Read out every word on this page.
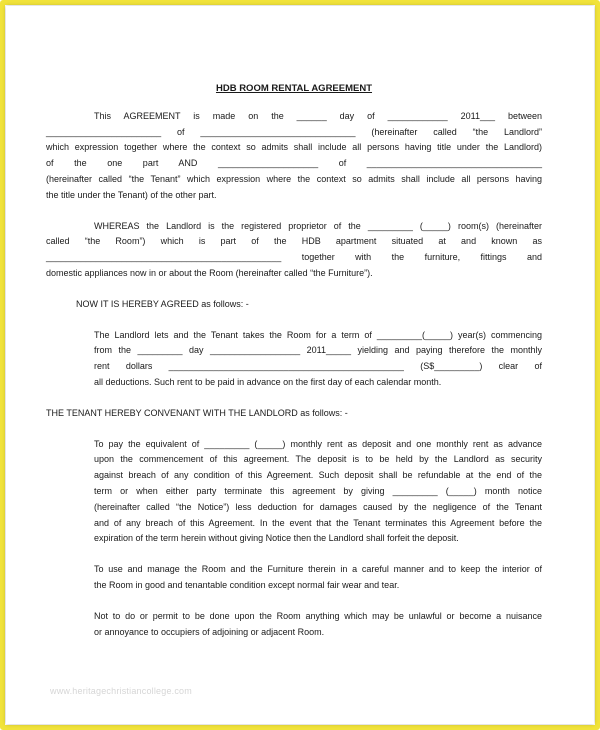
HDB ROOM RENTAL AGREEMENT

This AGREEMENT is made on the ______ day of ____________ 2011___ between

_______________________ of _______________________________ (hereinafter called “the Landlord”

which expression together where the context so admits shall include all persons having title under the Landlord)

of the one part AND ____________________ of ___________________________________

(hereinafter called “the Tenant” which expression where the context so admits shall include all persons having

the title under the Tenant) of the other part.

WHEREAS the Landlord is the registered proprietor of the _________ (_____) room(s) (hereinafter

called “the Room”) which is part of the HDB apartment situated at and known as

_______________________________________________ together with the furniture, fittings and

domestic appliances now in or about the Room (hereinafter called “the Furniture”).

NOW IT IS HEREBY AGREED as follows: -

The Landlord lets and the Tenant takes the Room for a term of _________(_____) year(s) commencing

from the _________ day __________________ 2011_____ yielding and paying therefore the monthly

rent dollars _______________________________________________ (S$_________) clear of

all deductions. Such rent to be paid in advance on the first day of each calendar month.

THE TENANT HEREBY CONVENANT WITH THE LANDLORD as follows: -

To pay the equivalent of _________ (_____) monthly rent as deposit and one monthly rent as advance

upon the commencement of this agreement. The deposit is to be held by the Landlord as security

against breach of any condition of this Agreement. Such deposit shall be refundable at the end of the

term or when either party terminate this agreement by giving _________ (_____) month notice

(hereinafter called “the Notice”) less deduction for damages caused by the negligence of the Tenant

and of any breach of this Agreement. In the event that the Tenant terminates this Agreement before the

expiration of the term herein without giving Notice then the Landlord shall forfeit the deposit.

To use and manage the Room and the Furniture therein in a careful manner and to keep the interior of

the Room in good and tenantable condition except normal fair wear and tear.

Not to do or permit to be done upon the Room anything which may be unlawful or become a nuisance

or annoyance to occupiers of adjoining or adjacent Room.

www.heritagechristiancollege.com
